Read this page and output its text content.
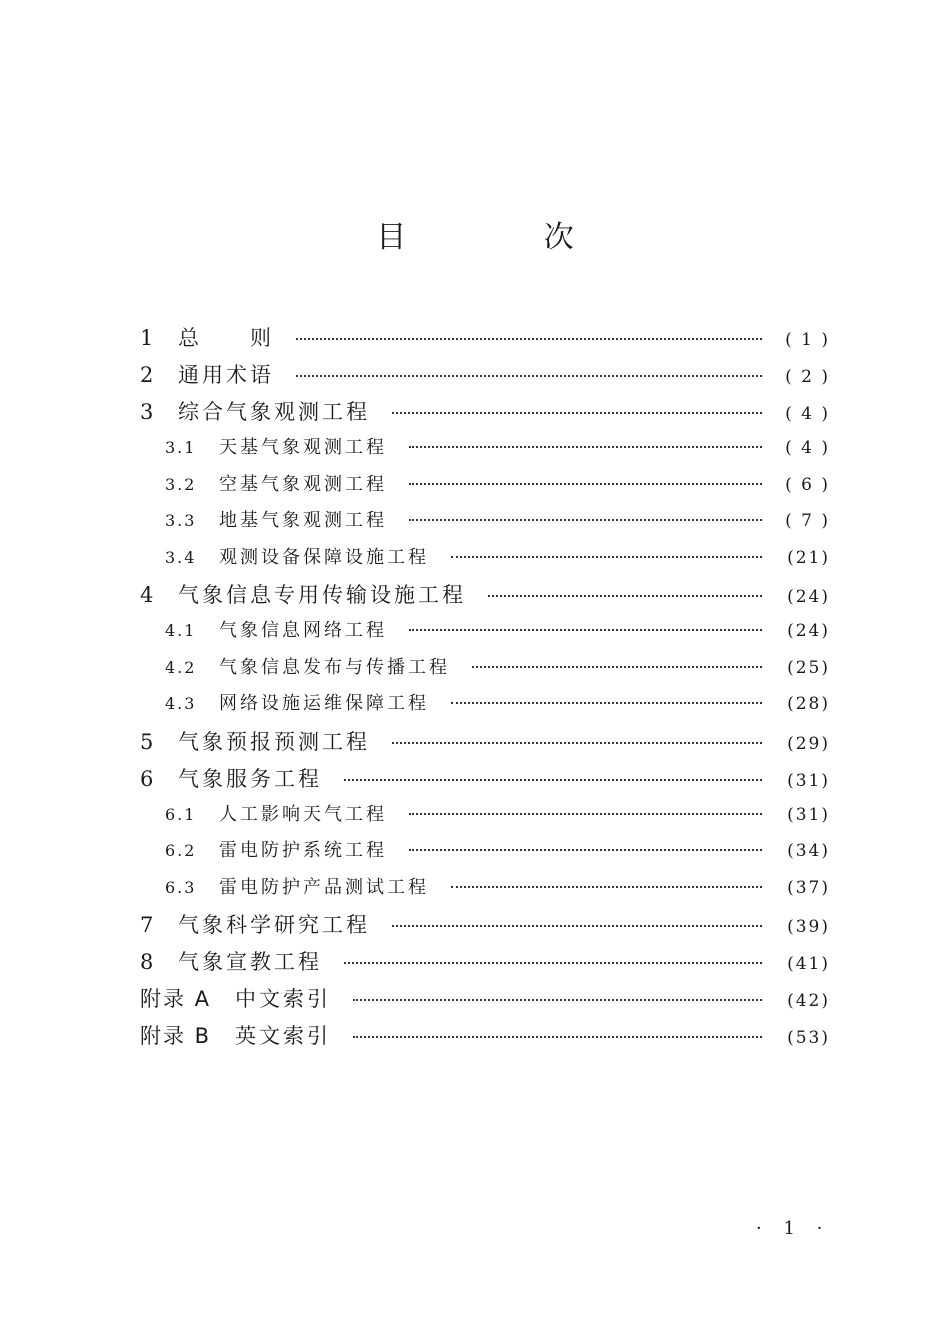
目 次
1	总　　则	( 1 )
2	通用术语	( 2 )
3	综合气象观测工程	( 4 )
3.1	天基气象观测工程	( 4 )
3.2	空基气象观测工程	( 6 )
3.3	地基气象观测工程	( 7 )
3.4	观测设备保障设施工程	(21)
4	气象信息专用传输设施工程	(24)
4.1	气象信息网络工程	(24)
4.2	气象信息发布与传播工程	(25)
4.3	网络设施运维保障工程	(28)
5	气象预报预测工程	(29)
6	气象服务工程	(31)
6.1	人工影响天气工程	(31)
6.2	雷电防护系统工程	(34)
6.3	雷电防护产品测试工程	(37)
7	气象科学研究工程	(39)
8	气象宣教工程	(41)
附录 A	中文索引	(42)
附录 B	英文索引	(53)
· 1 ·
